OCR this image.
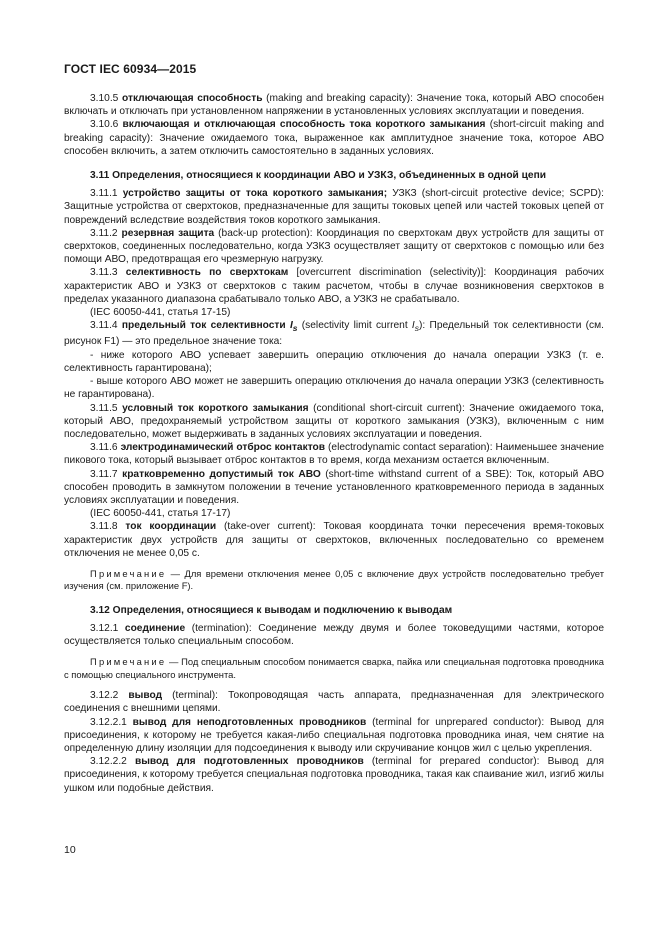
ГОСТ IEC 60934—2015

3.10.5 отключающая способность (making and breaking capacity): Значение тока, который АВО способен включать и отключать при установленном напряжении в установленных условиях эксплуатации и поведения.

3.10.6 включающая и отключающая способность тока короткого замыкания (short-circuit making and breaking capacity): Значение ожидаемого тока, выраженное как амплитудное значение тока, которое АВО способен включить, а затем отключить самостоятельно в заданных условиях.

3.11 Определения, относящиеся к координации АВО и УЗКЗ, объединенных в одной цепи

3.11.1 устройство защиты от тока короткого замыкания; УЗКЗ (short-circuit protective device; SCPD): Защитные устройства от сверхтоков, предназначенные для защиты токовых цепей или частей токовых цепей от повреждений вследствие воздействия токов короткого замыкания.

3.11.2 резервная защита (back-up protection): Координация по сверхтокам двух устройств для защиты от сверхтоков, соединенных последовательно, когда УЗКЗ осуществляет защиту от сверхтоков с помощью или без помощи АВО, предотвращая его чрезмерную нагрузку.

3.11.3 селективность по сверхтокам [overcurrent discrimination (selectivity)]: Координация рабочих характеристик АВО и УЗКЗ от сверхтоков с таким расчетом, чтобы в случае возникновения сверхтоков в пределах указанного диапазона срабатывало только АВО, а УЗКЗ не срабатывало.

(IEC 60050-441, статья 17-15)

3.11.4 предельный ток селективности $I_s$ (selectivity limit current $I_s$): Предельный ток селективности (см. рисунок F1) — это предельное значение тока:

- ниже которого АВО успевает завершить операцию отключения до начала операции УЗКЗ (т. е. селективность гарантирована);

- выше которого АВО может не завершить операцию отключения до начала операции УЗКЗ (селективность не гарантирована).

3.11.5 условный ток короткого замыкания (conditional short-circuit current): Значение ожидаемого тока, который АВО, предохраняемый устройством защиты от короткого замыкания (УЗКЗ), включенным с ним последовательно, может выдерживать в заданных условиях эксплуатации и поведения.

3.11.6 электродинамический отброс контактов (electrodynamic contact separation): Наименьшее значение пикового тока, который вызывает отброс контактов в то время, когда механизм остается включенным.

3.11.7 кратковременно допустимый ток АВО (short-time withstand current of a SBE): Ток, который АВО способен проводить в замкнутом положении в течение установленного кратковременного периода в заданных условиях эксплуатации и поведения.

(IEC 60050-441, статья 17-17)

3.11.8 ток координации (take-over current): Токовая координата точки пересечения время-токовых характеристик двух устройств для защиты от сверхтоков, включенных последовательно со временем отключения не менее 0,05 с.

Примечание — Для времени отключения менее 0,05 с включение двух устройств последовательно требует изучения (см. приложение F).

3.12 Определения, относящиеся к выводам и подключению к выводам

3.12.1 соединение (termination): Соединение между двумя и более токоведущими частями, которое осуществляется только специальным способом.

Примечание — Под специальным способом понимается сварка, пайка или специальная подготовка проводника с помощью специального инструмента.

3.12.2 вывод (terminal): Токопроводящая часть аппарата, предназначенная для электрического соединения с внешними цепями.

3.12.2.1 вывод для неподготовленных проводников (terminal for unprepared conductor): Вывод для присоединения, к которому не требуется какая-либо специальная подготовка проводника иная, чем снятие на определенную длину изоляции для подсоединения к выводу или скручивание концов жил с целью укрепления.

3.12.2.2 вывод для подготовленных проводников (terminal for prepared conductor): Вывод для присоединения, к которому требуется специальная подготовка проводника, такая как спаивание жил, изгиб жилы ушком или подобные действия.

10
